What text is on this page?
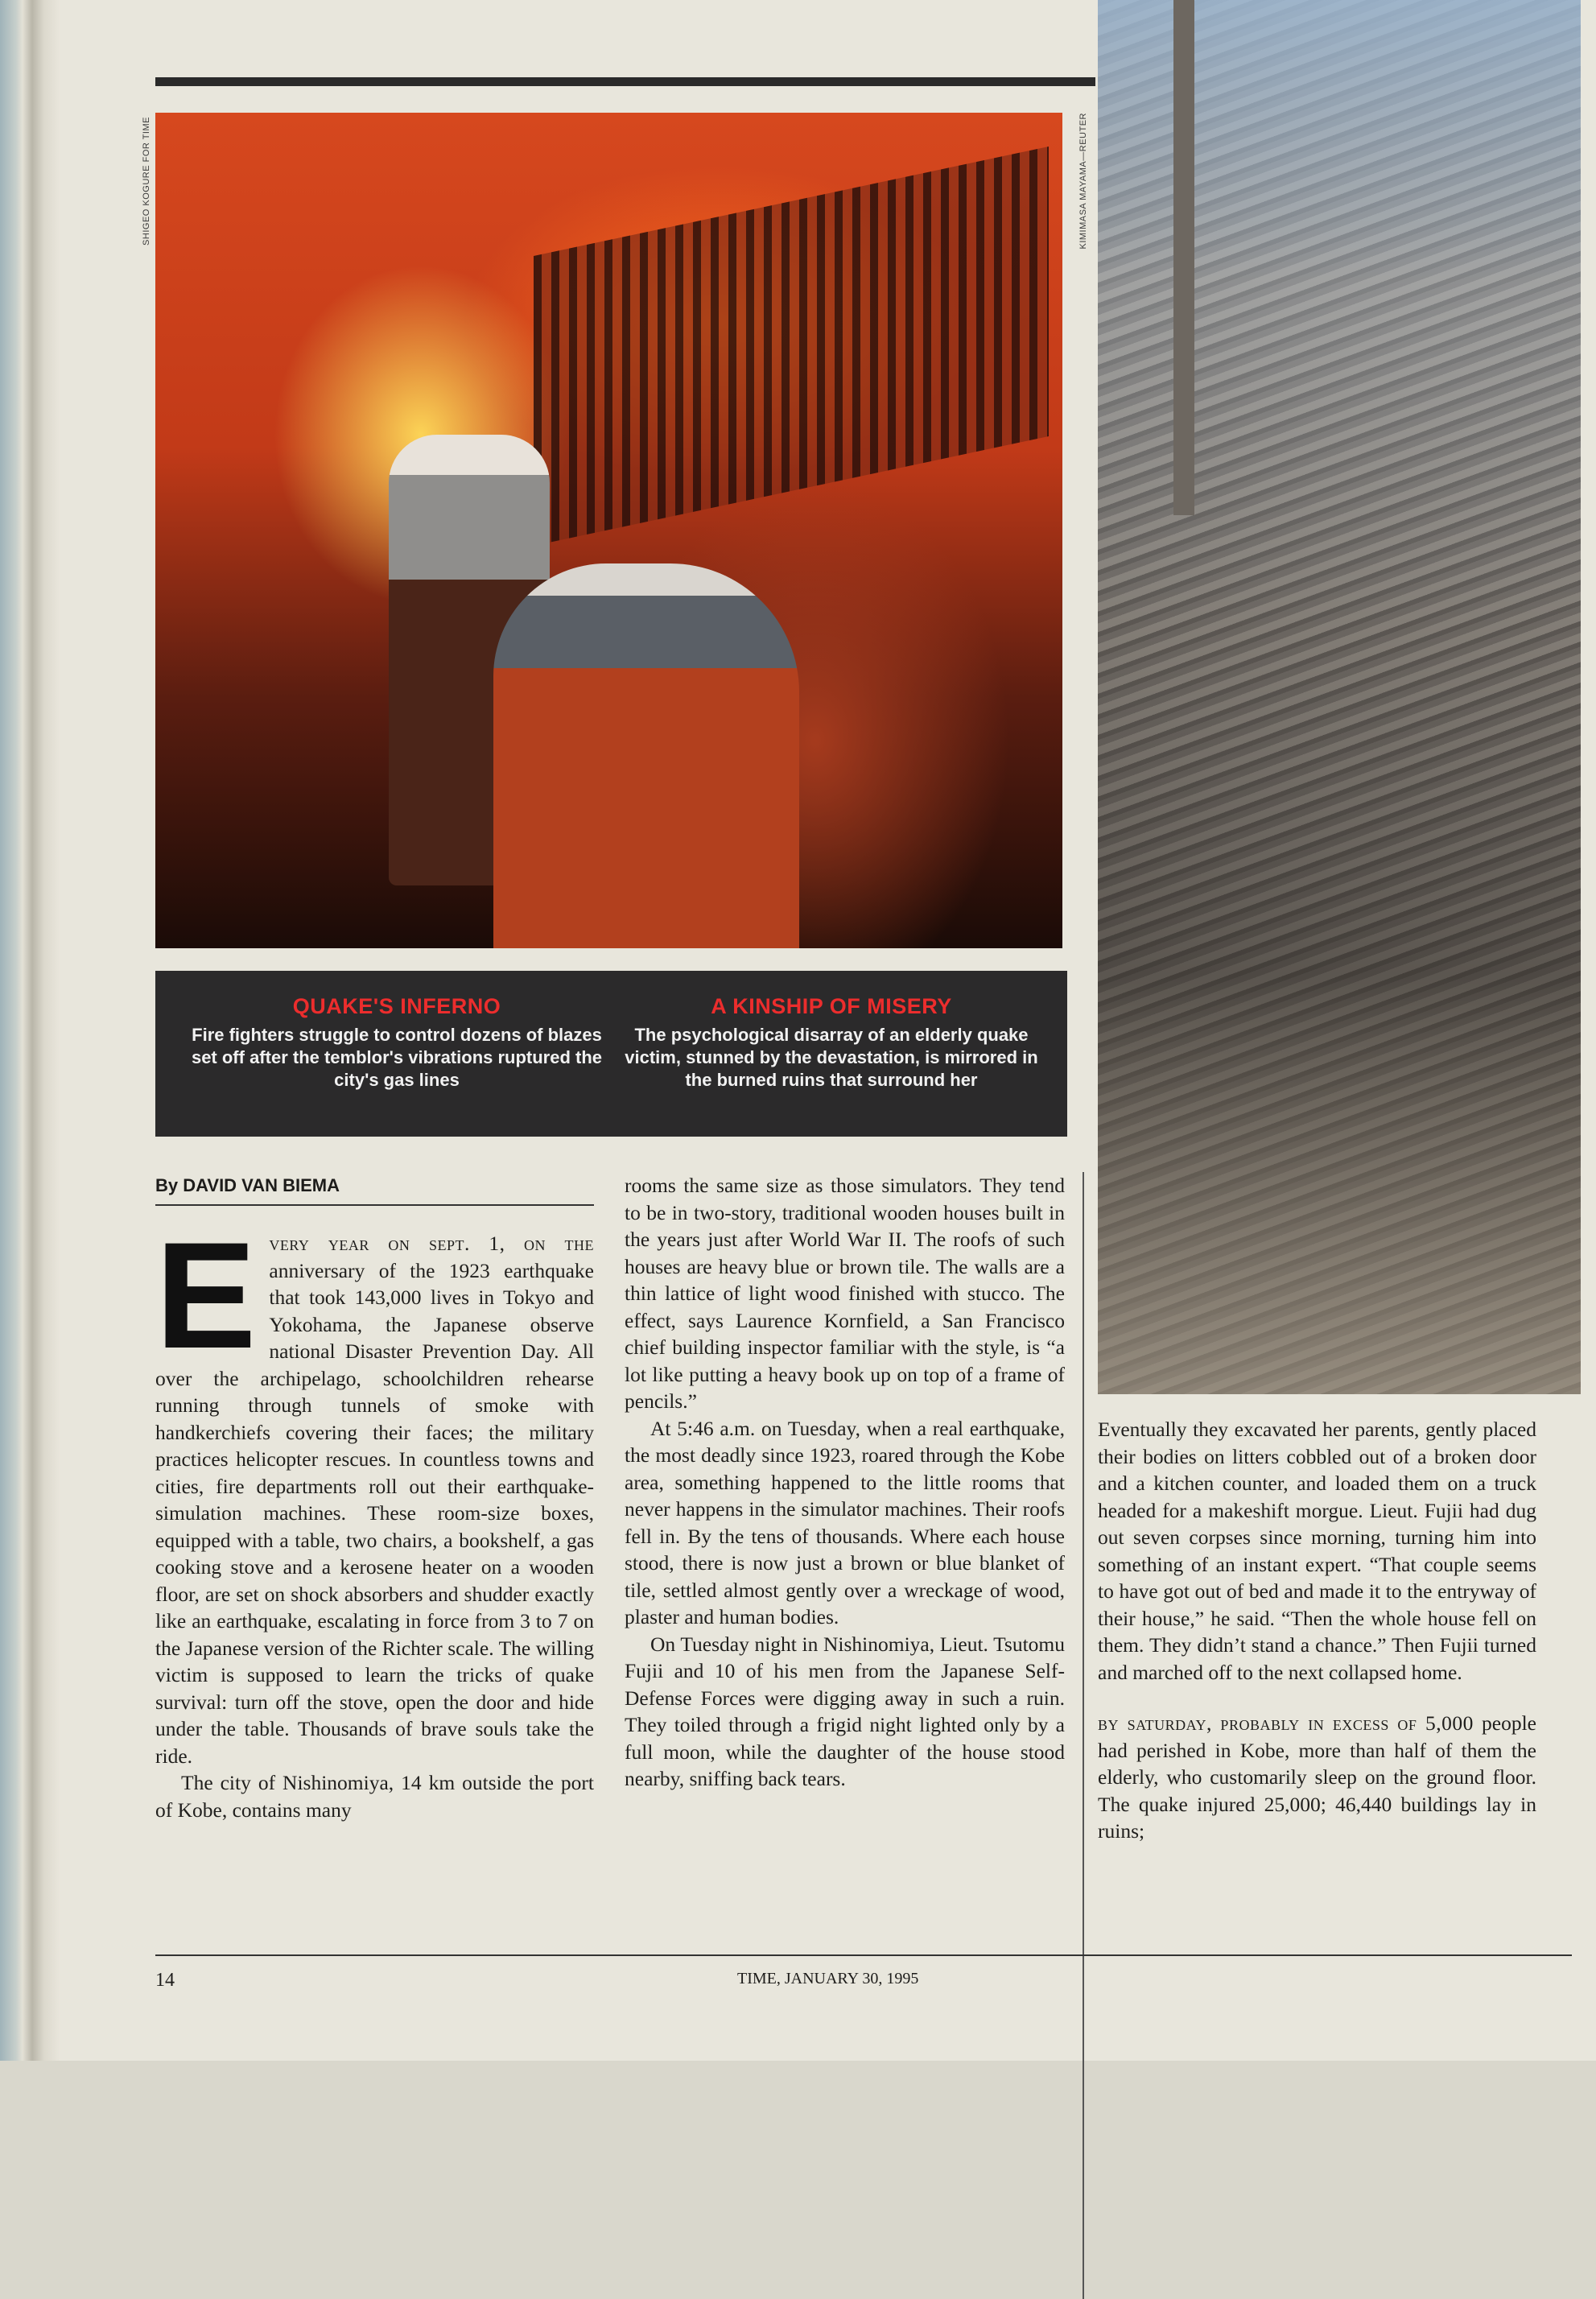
SHIGEO KOGURE FOR TIME	KIMIMASA MAYAMA—REUTER
QUAKE'S INFERNO
Fire fighters struggle to control dozens of blazes set off after the temblor's vibrations ruptured the city's gas lines
A KINSHIP OF MISERY
The psychological disarray of an elderly quake victim, stunned by the devastation, is mirrored in the burned ruins that surround her
By DAVID VAN BIEMA
E very year on sept. 1, on the anniversary of the 1923 earthquake that took 143,000 lives in Tokyo and Yokohama, the Japanese observe national Disaster Prevention Day. All over the archipelago, schoolchildren rehearse running through tunnels of smoke with handkerchiefs covering their faces; the military practices helicopter rescues. In countless towns and cities, fire departments roll out their earthquake-simulation machines. These room-size boxes, equipped with a table, two chairs, a bookshelf, a gas cooking stove and a kerosene heater on a wooden floor, are set on shock absorbers and shudder exactly like an earthquake, escalating in force from 3 to 7 on the Japanese version of the Richter scale. The willing victim is supposed to learn the tricks of quake survival: turn off the stove, open the door and hide under the table. Thousands of brave souls take the ride.

The city of Nishinomiya, 14 km outside the port of Kobe, contains many

rooms the same size as those simulators. They tend to be in two-story, traditional wooden houses built in the years just after World War II. The roofs of such houses are heavy blue or brown tile. The walls are a thin lattice of light wood finished with stucco. The effect, says Laurence Kornfield, a San Francisco chief building inspector familiar with the style, is “a lot like putting a heavy book up on top of a frame of pencils.”

At 5:46 a.m. on Tuesday, when a real earthquake, the most deadly since 1923, roared through the Kobe area, something happened to the little rooms that never happens in the simulator machines. Their roofs fell in. By the tens of thousands. Where each house stood, there is now just a brown or blue blanket of tile, settled almost gently over a wreckage of wood, plaster and human bodies.

On Tuesday night in Nishinomiya, Lieut. Tsutomu Fujii and 10 of his men from the Japanese Self-Defense Forces were digging away in such a ruin. They toiled through a frigid night lighted only by a full moon, while the daughter of the house stood nearby, sniffing back tears.

Eventually they excavated her parents, gently placed their bodies on litters cobbled out of a broken door and a kitchen counter, and loaded them on a truck headed for a makeshift morgue. Lieut. Fujii had dug out seven corpses since morning, turning him into something of an instant expert. “That couple seems to have got out of bed and made it to the entryway of their house,” he said. “Then the whole house fell on them. They didn’t stand a chance.” Then Fujii turned and marched off to the next collapsed home.

by saturday, probably in excess of 5,000 people had perished in Kobe, more than half of them the elderly, who customarily sleep on the ground floor. The quake injured 25,000; 46,440 buildings lay in ruins;

14	TIME, JANUARY 30, 1995
